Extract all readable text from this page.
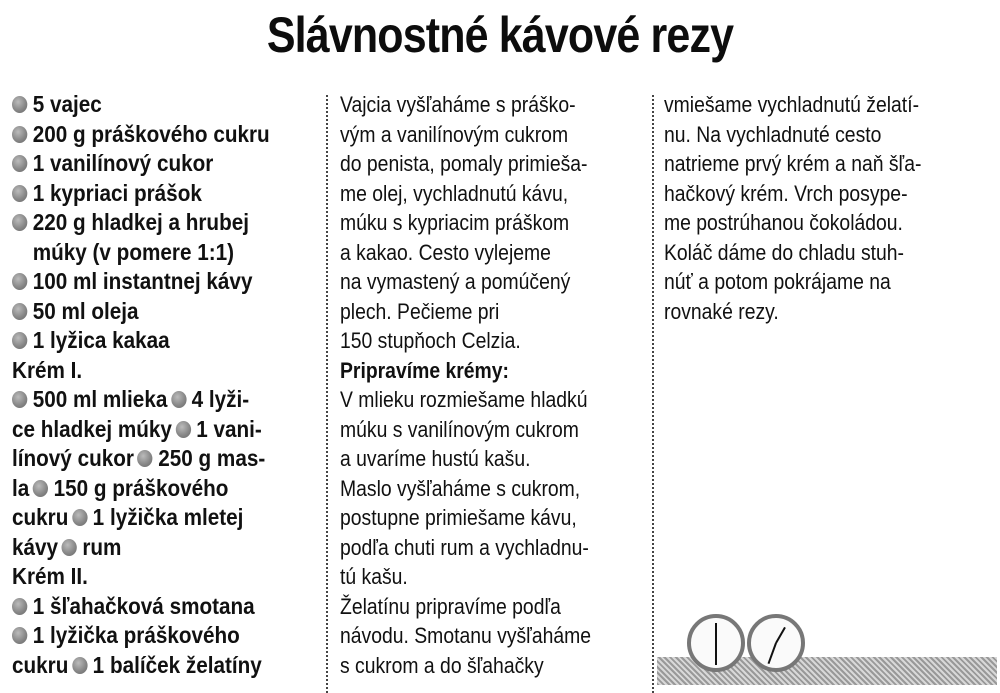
Slávnostné kávové rezy
5 vajec
200 g práškového cukru
1 vanilínový cukor
1 kypriaci prášok
220 g hladkej a hrubej
múky (v pomere 1:1)
100 ml instantnej kávy
50 ml oleja
1 lyžica kakaa
Krém I.
500 ml mlieka 4 lyži-
ce hladkej múky 1 vani-
línový cukor 250 g mas-
la 150 g práškového
cukru 1 lyžička mletej
kávy rum
Krém II.
1 šľahačková smotana
1 lyžička práškového
cukru 1 balíček želatíny
Vajcia vyšľaháme s práško-
vým a vanilínovým cukrom
do penista, pomaly primieša-
me olej, vychladnutú kávu,
múku s kypriacim práškom
a kakao. Cesto vylejeme
na vymastený a pomúčený
plech. Pečieme pri
150 stupňoch Celzia.
Pripravíme krémy:
V mlieku rozmiešame hladkú
múku s vanilínovým cukrom
a uvaríme hustú kašu.
Maslo vyšľaháme s cukrom,
postupne primiešame kávu,
podľa chuti rum a vychladnu-
tú kašu.
Želatínu pripravíme podľa
návodu. Smotanu vyšľaháme
s cukrom a do šľahačky
vmiešame vychladnutú želatí-
nu. Na vychladnuté cesto
natrieme prvý krém a naň šľa-
hačkový krém. Vrch posype-
me postrúhanou čokoládou.
Koláč dáme do chladu stuh-
núť a potom pokrájame na
rovnaké rezy.
